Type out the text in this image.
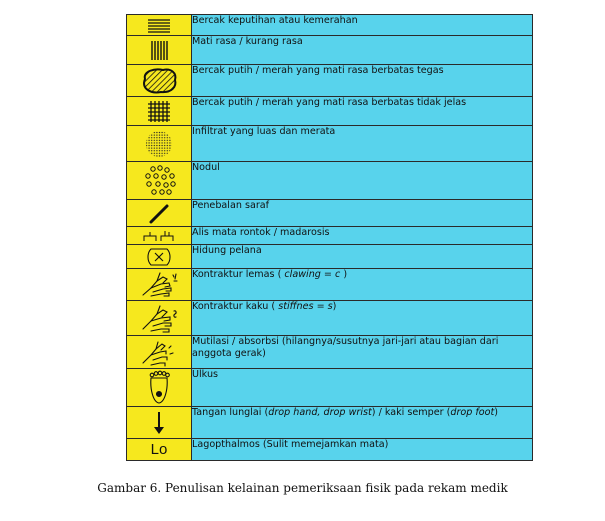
	Bercak keputihan atau kemerahan

	Mati rasa / kurang rasa

	Bercak putih / merah yang mati rasa berbatas tegas

	Bercak putih / merah yang mati rasa berbatas tidak jelas

	Infiltrat yang luas dan merata

	Nodul

	Penebalan saraf

	Alis mata rontok / madarosis

	Hidung pelana

	Kontraktur lemas ( clawing = c )

	Kontraktur kaku ( stiffnes = s)

	Mutilasi / absorbsi (hilangnya/susutnya jari-jari atau bagian dari anggota gerak)

	Ulkus

	Tangan lunglai (drop hand, drop wrist) / kaki semper (drop foot)

Lo	Lagopthalmos (Sulit memejamkan mata)
Gambar 6. Penulisan kelainan pemeriksaan fisik pada rekam medik
